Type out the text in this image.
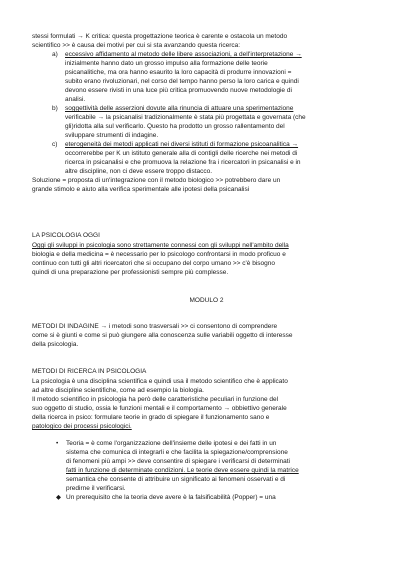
stessi formulati → K critica: questa progettazione teorica è carente e ostacola un metodo
scientifico >> è causa dei motivi per cui si sta avanzando questa ricerca:
a) eccessivo affidamento al metodo delle libere associazioni, a dell'interpretazione →
inizialmente hanno dato un grosso impulso alla formazione delle teorie
psicanalitiche, ma ora hanno esaurito la loro capacità di produrre innovazioni =
subito erano rivoluzionari, nel corso del tempo hanno perso la loro carica e quindi
devono essere rivisti in una luce più critica promuovendo nuove metodologie di
analisi.
b) soggettività delle asserzioni dovute alla rinuncia di attuare una sperimentazione
verificabile → la psicanalisi tradizionalmente è stata più progettata e governata (che
gli)ridotta alla sul verificarlo. Questo ha prodotto un grosso rallentamento del
sviluppare strumenti di indagine.
c) eterogeneità dei metodi applicati nei diversi istituti di formazione psicoanalitica →
occorrerebbe per K un istituto generale alla di contigli delle ricerche nei metodi di
ricerca in psicanalisi e che promuova la relazione fra i ricercatori in psicanalisi e in
altre discipline, non ci deve essere troppo distacco.
Soluzione = proposta di un'integrazione con il metodo biologico >> potrebbero dare un
grande stimolo e aiuto alla verifica sperimentale alle ipotesi della psicanalisi
LA PSICOLOGIA OGGI
Oggi gli sviluppi in psicologia sono strettamente connessi con gli sviluppi nell'ambito della
biologia e della medicina = è necessario per lo psicologo confrontarsi in modo proficuo e
continuo con tutti gli altri ricercatori che si occupano del corpo umano >> c'è bisogno
quindi di una preparazione per professionisti sempre più complesse.
MODULO 2
METODI DI INDAGINE → i metodi sono trasversali >> ci consentono di comprendere
come si è giunti e come si può giungere alla conoscenza sulle variabili oggetto di interesse
della psicologia.
METODI DI RICERCA IN PSICOLOGIA
La psicologia è una disciplina scientifica e quindi usa il metodo scientifico che è applicato
ad altre discipline scientifiche, come ad esempio la biologia.
Il metodo scientifico in psicologia ha però delle caratteristiche peculiari in funzione del
suo oggetto di studio, ossia le funzioni mentali e il comportamento → obbiettivo generale
della ricerca in psico: formulare teorie in grado di spiegare il funzionamento sano e
patologico dei processi psicologici.
• Teoria = è come l'organizzazione dell'insieme delle ipotesi e dei fatti in un
sistema che comunica di integrarli e che facilita la spiegazione/comprensione
di fenomeni più ampi >> deve consentire di spiegare i verificarsi di determinati
fatti in funzione di determinate condizioni. Le teorie deve essere quindi la matrice
semantica che consente di attribuire un significato ai fenomeni osservati e di
predirne il verificarsi.
◆ Un prerequisito che la teoria deve avere è la falsificabilità (Popper) = una
